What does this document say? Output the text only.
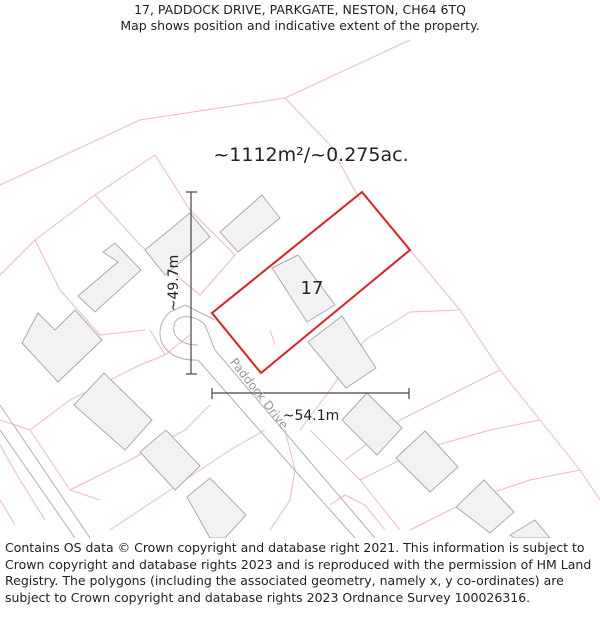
17, PADDOCK DRIVE, PARKGATE, NESTON, CH64 6TQ
Map shows position and indicative extent of the property.
~1112m²/~0.275ac.
17
~49.7m
~54.1m
Paddock Drive
Contains OS data © Crown copyright and database right 2021. This information is subject to Crown copyright and database rights 2023 and is reproduced with the permission of HM Land Registry. The polygons (including the associated geometry, namely x, y co-ordinates) are subject to Crown copyright and database rights 2023 Ordnance Survey 100026316.
